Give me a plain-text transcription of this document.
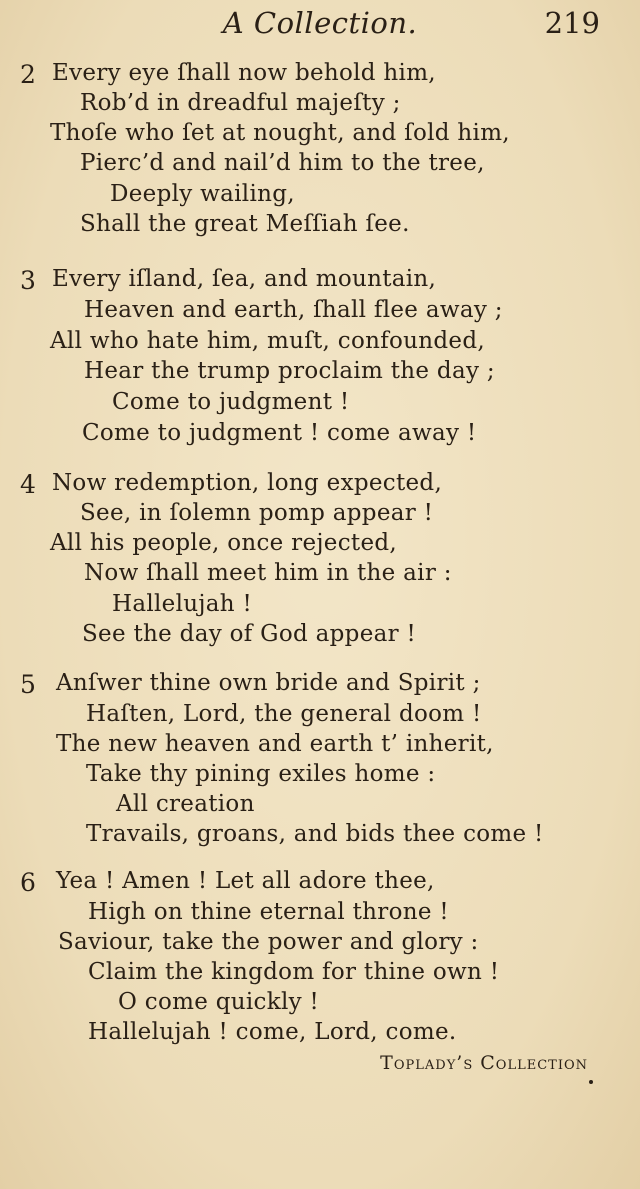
A Collection.	219
2 Every eye ſhall now behold him,
Rob’d in dreadful majeſty ;
Thoſe who ſet at nought, and ſold him,
Pierc’d and nail’d him to the tree,
Deeply wailing,
Shall the great Meſſiah ſee.
3 Every iſland, ſea, and mountain,
Heaven and earth, ſhall flee away ;
All who hate him, muſt, confounded,
Hear the trump proclaim the day ;
Come to judgment !
Come to judgment ! come away !
4 Now redemption, long expected,
See, in ſolemn pomp appear !
All his people, once rejected,
Now ſhall meet him in the air :
Hallelujah !
See the day of God appear !
5 Anſwer thine own bride and Spirit ;
Haſten, Lord, the general doom !
The new heaven and earth t’ inherit,
Take thy pining exiles home :
All creation
Travails, groans, and bids thee come !
6 Yea ! Amen ! Let all adore thee,
High on thine eternal throne !
Saviour, take the power and glory :
Claim the kingdom for thine own !
O come quickly !
Hallelujah ! come, Lord, come.
Toplady’s Collection
